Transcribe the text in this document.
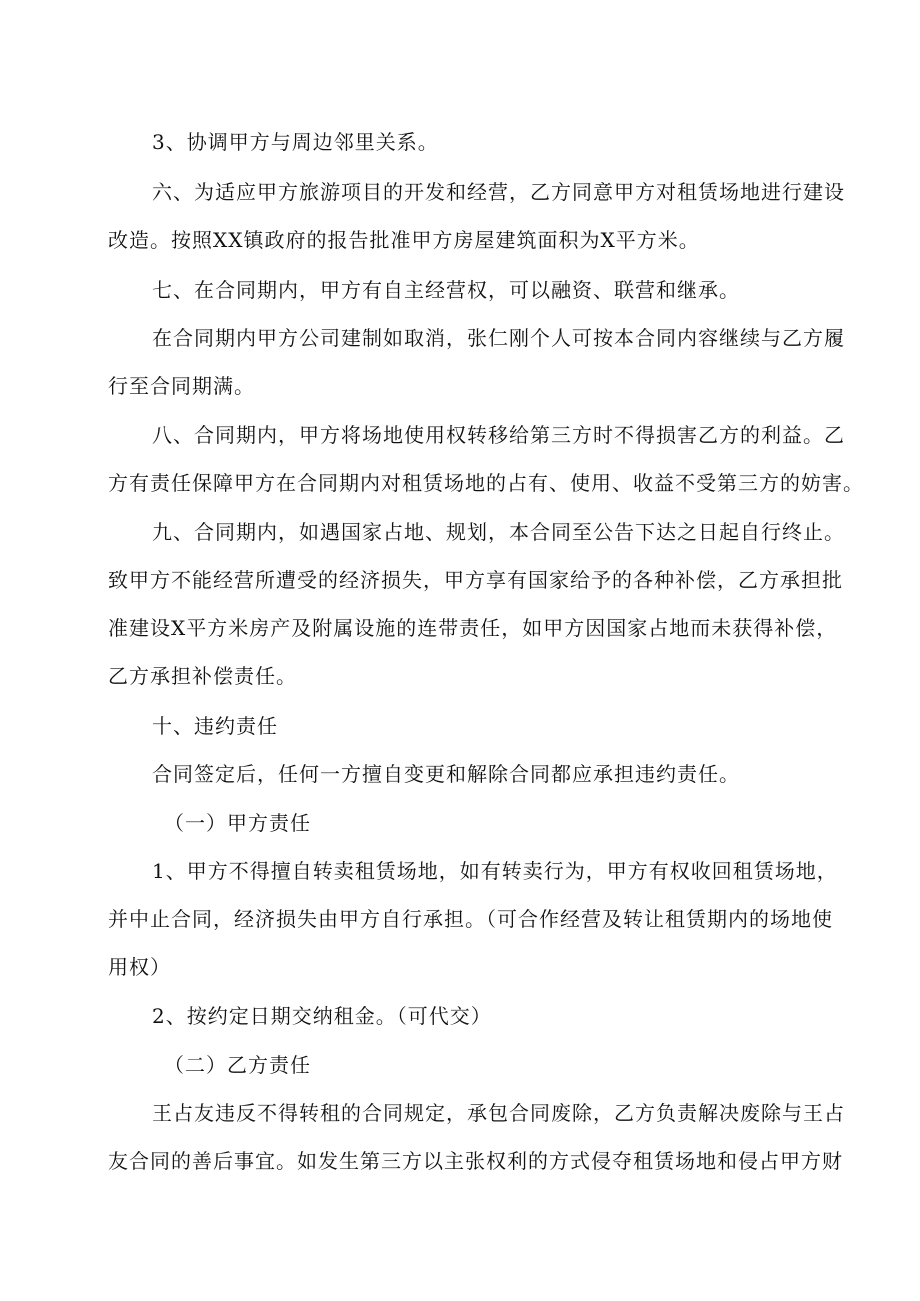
3、协调甲方与周边邻里关系。

六、为适应甲方旅游项目的开发和经营，乙方同意甲方对租赁场地进行建设
改造。按照XX镇政府的报告批准甲方房屋建筑面积为X平方米。

七、在合同期内，甲方有自主经营权，可以融资、联营和继承。

在合同期内甲方公司建制如取消，张仁刚个人可按本合同内容继续与乙方履
行至合同期满。

八、合同期内，甲方将场地使用权转移给第三方时不得损害乙方的利益。乙
方有责任保障甲方在合同期内对租赁场地的占有、使用、收益不受第三方的妨害。

九、合同期内，如遇国家占地、规划，本合同至公告下达之日起自行终止。
致甲方不能经营所遭受的经济损失，甲方享有国家给予的各种补偿，乙方承担批
准建设X平方米房产及附属设施的连带责任，如甲方因国家占地而未获得补偿，
乙方承担补偿责任。

十、违约责任

合同签定后，任何一方擅自变更和解除合同都应承担违约责任。

（一）甲方责任

1、甲方不得擅自转卖租赁场地，如有转卖行为，甲方有权收回租赁场地，
并中止合同，经济损失由甲方自行承担。（可合作经营及转让租赁期内的场地使
用权）

2、按约定日期交纳租金。（可代交）

（二）乙方责任

王占友违反不得转租的合同规定，承包合同废除，乙方负责解决废除与王占
友合同的善后事宜。如发生第三方以主张权利的方式侵夺租赁场地和侵占甲方财
